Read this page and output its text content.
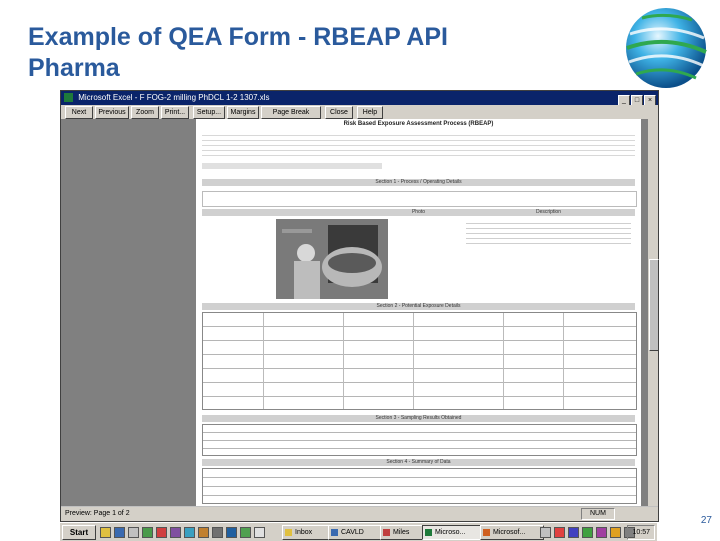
Example of QEA Form - RBEAP API
Pharma
Microsoft Excel - F FOG-2 milling PhDCL 1-2 1307.xls	_ □ ×
Next	Previous	Zoom	Print...	Setup...	Margins	Page Break	Close	Help
Risk Based Exposure Assessment Process (RBEAP)
Section 1 - Process / Operating Details
Photo	Description
Section 2 - Potential Exposure Details
Section 3 - Sampling Results Obtained
Section 4 - Summary of Data
Preview: Page 1 of 2	NUM
Start	Inbox	CAVLD	Miles	Microso...	Microsof...	10:57
27
